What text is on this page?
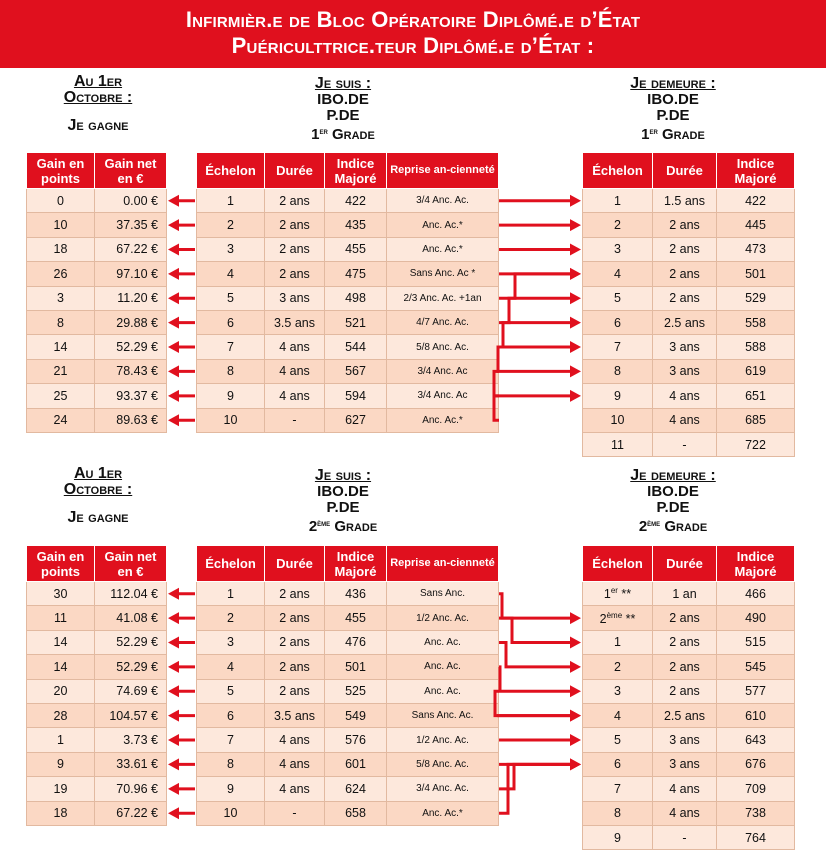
Infirmièr.e de Bloc Opératoire Diplômé.e d’État
Puériculttrice.teur Diplômé.e d’État :
Au 1er
Octobre :
Je gagne
Je suis :
IBO.DE
P.DE
1er Grade
Je demeure :
IBO.DE
P.DE
1er Grade
Gain en points	Gain net en €
0	0.00 €
10	37.35 €
18	67.22 €
26	97.10 €
3	11.20 €
8	29.88 €
14	52.29 €
21	78.43 €
25	93.37 €
24	89.63 €
Échelon	Durée	Indice Majoré	Reprise an-cienneté
1	2 ans	422	3/4 Anc. Ac.
2	2 ans	435	Anc. Ac.*
3	2 ans	455	Anc. Ac.*
4	2 ans	475	Sans Anc. Ac *
5	3 ans	498	2/3 Anc. Ac. +1an
6	3.5 ans	521	4/7 Anc. Ac.
7	4 ans	544	5/8 Anc. Ac.
8	4 ans	567	3/4 Anc. Ac
9	4 ans	594	3/4 Anc. Ac
10	-	627	Anc. Ac.*
Échelon	Durée	Indice Majoré
1	1.5 ans	422
2	2 ans	445
3	2 ans	473
4	2 ans	501
5	2 ans	529
6	2.5 ans	558
7	3 ans	588
8	3 ans	619
9	4 ans	651
10	4 ans	685
11	-	722
Au 1er
Octobre :
Je gagne
Je suis :
IBO.DE
P.DE
2ème Grade
Je demeure :
IBO.DE
P.DE
2ème Grade
Gain en points	Gain net en €
30	112.04 €
11	41.08 €
14	52.29 €
14	52.29 €
20	74.69 €
28	104.57 €
1	3.73 €
9	33.61 €
19	70.96 €
18	67.22 €
Échelon	Durée	Indice Majoré	Reprise an-cienneté
1	2 ans	436	Sans Anc.
2	2 ans	455	1/2 Anc. Ac.
3	2 ans	476	Anc. Ac.
4	2 ans	501	Anc. Ac.
5	2 ans	525	Anc. Ac.
6	3.5 ans	549	Sans Anc. Ac.
7	4 ans	576	1/2 Anc. Ac.
8	4 ans	601	5/8 Anc. Ac.
9	4 ans	624	3/4 Anc. Ac.
10	-	658	Anc. Ac.*
Échelon	Durée	Indice Majoré
1er **	1 an	466
2ème **	2 ans	490
1	2 ans	515
2	2 ans	545
3	2 ans	577
4	2.5 ans	610
5	3 ans	643
6	3 ans	676
7	4 ans	709
8	4 ans	738
9	-	764
